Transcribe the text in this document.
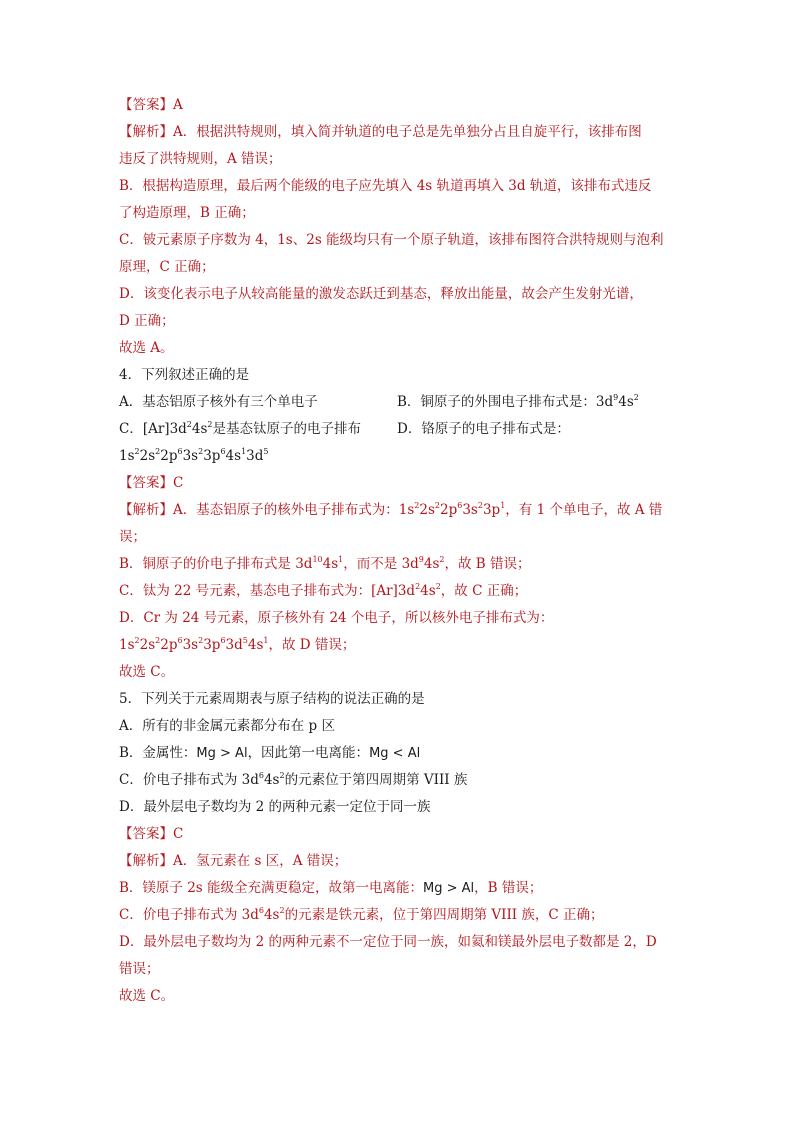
【答案】A
【解析】A．根据洪特规则，填入简并轨道的电子总是先单独分占且自旋平行，该排布图
违反了洪特规则，A 错误；
B．根据构造原理，最后两个能级的电子应先填入 4s 轨道再填入 3d 轨道，该排布式违反
了构造原理，B 正确；
C．铍元素原子序数为 4，1s、2s 能级均只有一个原子轨道，该排布图符合洪特规则与泡利
原理，C 正确；
D．该变化表示电子从较高能量的激发态跃迁到基态，释放出能量，故会产生发射光谱，
D 正确；
故选 A。
4．下列叙述正确的是
A．基态铝原子核外有三个单电子	B．铜原子的外围电子排布式是：$3d^94s^2$
C．$[Ar]3d^24s^2$是基态钛原子的电子排布	D．铬原子的电子排布式是：
$1s^22s^22p^63s^23p^64s^13d^5$
【答案】C
【解析】A．基态铝原子的核外电子排布式为：$1s^22s^22p^63s^23p^1$，有 1 个单电子，故 A 错
误；
B．铜原子的价电子排布式是 $3d^{10}4s^1$，而不是 $3d^94s^2$，故 B 错误；
C．钛为 22 号元素，基态电子排布式为：$[Ar]3d^24s^2$，故 C 正确；
D．Cr 为 24 号元素，原子核外有 24 个电子，所以核外电子排布式为：
$1s^22s^22p^63s^23p^63d^54s^1$，故 D 错误；
故选 C。
5．下列关于元素周期表与原子结构的说法正确的是
A．所有的非金属元素都分布在 p 区
B．金属性：Mg > Al，因此第一电离能：Mg < Al
C．价电子排布式为 $3d^64s^2$的元素位于第四周期第 VIII 族
D．最外层电子数均为 2 的两种元素一定位于同一族
【答案】C
【解析】A．氢元素在 s 区，A 错误；
B．镁原子 2s 能级全充满更稳定，故第一电离能：Mg > Al，B 错误；
C．价电子排布式为 $3d^64s^2$的元素是铁元素，位于第四周期第 VIII 族，C 正确；
D．最外层电子数均为 2 的两种元素不一定位于同一族，如氦和镁最外层电子数都是 2，D
错误；
故选 C。
